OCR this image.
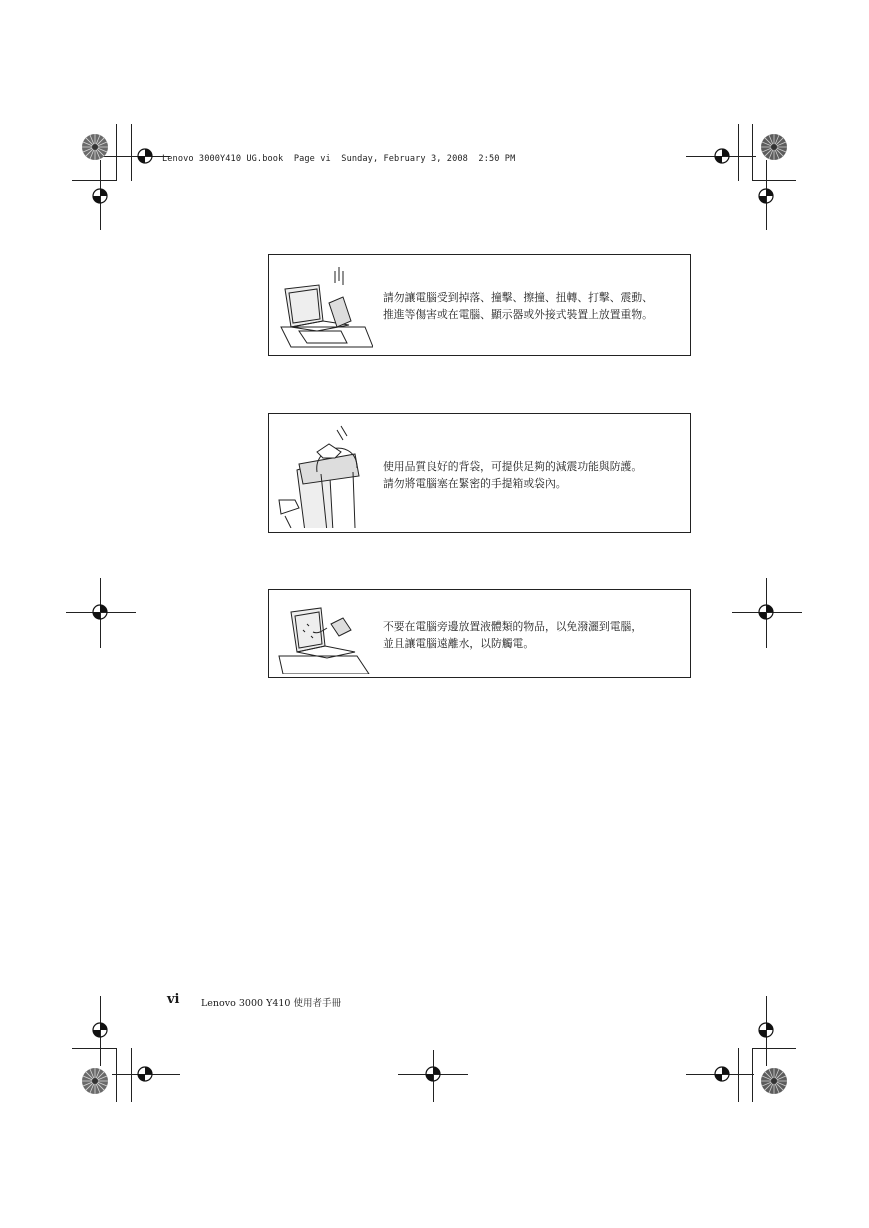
Lenovo 3000Y410 UG.book  Page vi  Sunday, February 3, 2008  2:50 PM

請勿讓電腦受到掉落、撞擊、擦撞、扭轉、打擊、震動、

推進等傷害或在電腦、顯示器或外接式裝置上放置重物。

使用品質良好的背袋，可提供足夠的減震功能與防護。

請勿將電腦塞在緊密的手提箱或袋內。

不要在電腦旁邊放置液體類的物品，以免潑灑到電腦，

並且讓電腦遠離水，以防觸電。

vi Lenovo 3000 Y410 使用者手冊
